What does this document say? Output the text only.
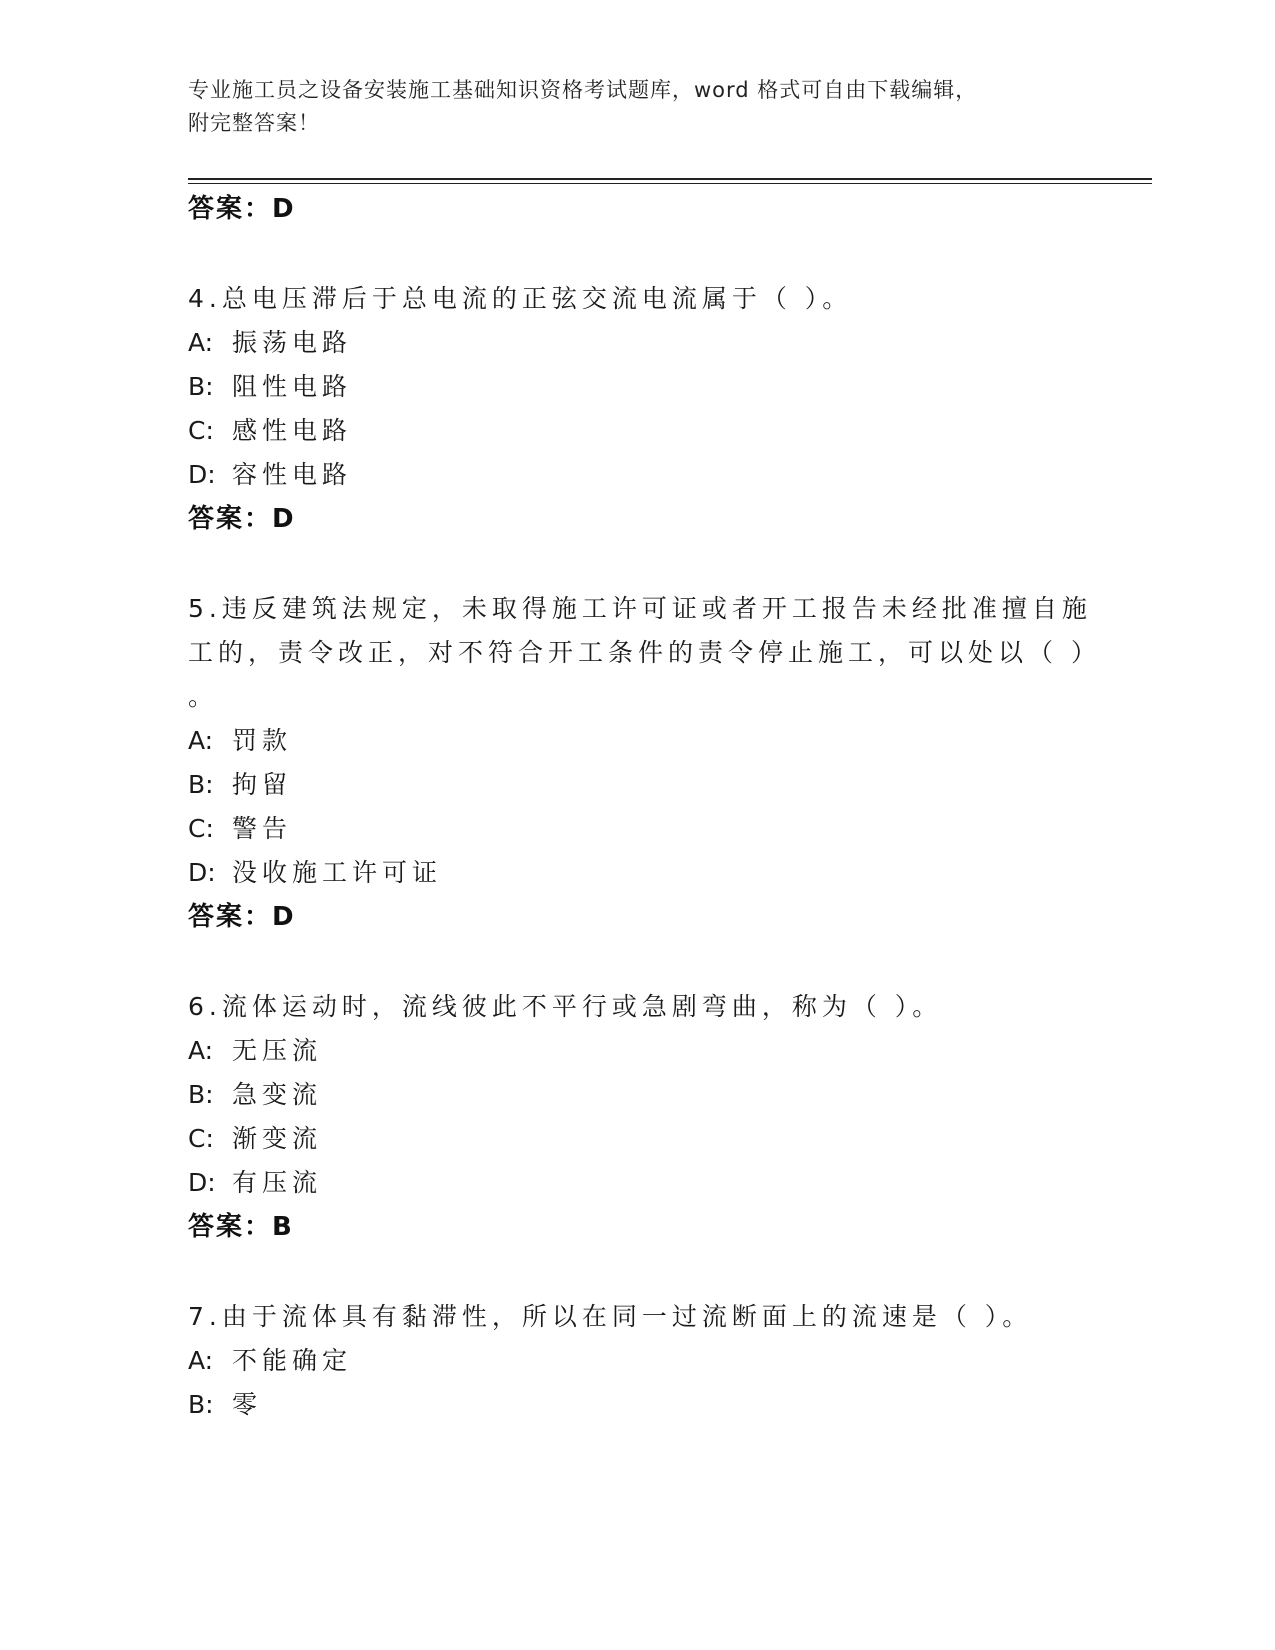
专业施工员之设备安装施工基础知识资格考试题库，word 格式可自由下载编辑，
附完整答案！
答案：D
4.总电压滞后于总电流的正弦交流电流属于（ ）。
A: 振荡电路
B: 阻性电路
C: 感性电路
D: 容性电路
答案：D
5.违反建筑法规定，未取得施工许可证或者开工报告未经批准擅自施
工的，责令改正，对不符合开工条件的责令停止施工，可以处以（ ）
。
A: 罚款
B: 拘留
C: 警告
D: 没收施工许可证
答案：D
6.流体运动时，流线彼此不平行或急剧弯曲，称为（ ）。
A: 无压流
B: 急变流
C: 渐变流
D: 有压流
答案：B
7.由于流体具有黏滞性，所以在同一过流断面上的流速是（ ）。
A: 不能确定
B: 零
